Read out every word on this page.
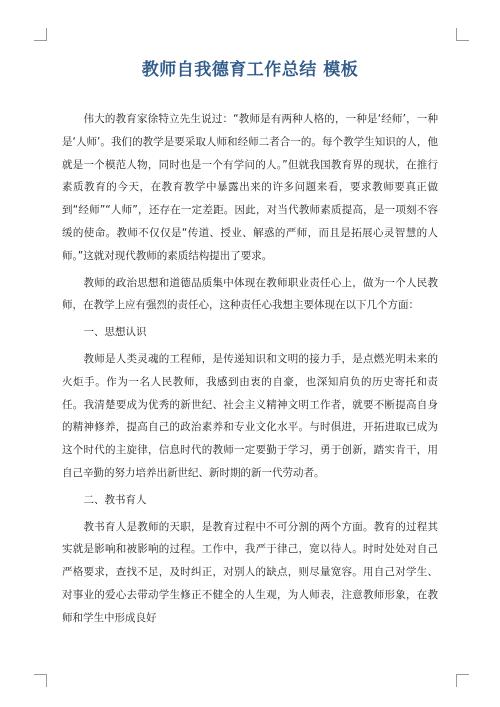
教师自我德育工作总结 模板

伟大的教育家徐特立先生说过：“教师是有两种人格的，一种是‘经师’，一种是‘人师’。我们的教学是要采取人师和经师二者合一的。每个教学生知识的人，他就是一个模范人物，同时也是一个有学问的人。”但就我国教育界的现状，在推行素质教育的今天，在教育教学中暴露出来的许多问题来看，要求教师要真正做到“经师”“人师”，还存在一定差距。因此，对当代教师素质提高，是一项刻不容缓的使命。教师不仅仅是“传道、授业、解惑的严师，而且是拓展心灵智慧的人师。”这就对现代教师的素质结构提出了要求。

教师的政治思想和道德品质集中体现在教师职业责任心上，做为一个人民教师，在教学上应有强烈的责任心，这种责任心我想主要体现在以下几个方面：

一、思想认识

教师是人类灵魂的工程师，是传递知识和文明的接力手，是点燃光明未来的火炬手。作为一名人民教师，我感到由衷的自豪，也深知肩负的历史寄托和责任。我清楚要成为优秀的新世纪、社会主义精神文明工作者，就要不断提高自身的精神修养，提高自己的政治素养和专业文化水平。与时俱进，开拓进取已成为这个时代的主旋律，信息时代的教师一定要勤于学习，勇于创新，踏实肯干，用自己辛勤的努力培养出新世纪、新时期的新一代劳动者。

二、教书育人

教书育人是教师的天职，是教育过程中不可分割的两个方面。教育的过程其实就是影响和被影响的过程。工作中，我严于律己，宽以待人。时时处处对自己严格要求，查找不足，及时纠正，对别人的缺点，则尽量宽容。用自己对学生、对事业的爱心去带动学生修正不健全的人生观，为人师表，注意教师形象，在教师和学生中形成良好
